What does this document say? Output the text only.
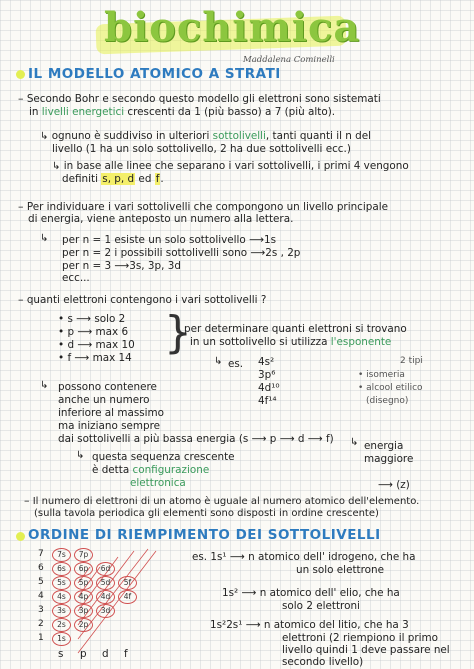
biochimica
Maddalena Cominelli
IL MODELLO ATOMICO A STRATI
– Secondo Bohr e secondo questo modello gli elettroni sono sistemati
in livelli energetici crescenti da 1 (più basso) a 7 (più alto).
↳ ognuno è suddiviso in ulteriori sottolivelli, tanti quanti il n del
livello (1 ha un solo sottolivello, 2 ha due sottolivelli ecc.)
↳ in base alle linee che separano i vari sottolivelli, i primi 4 vengono
definiti s, p, d ed f.
– Per individuare i vari sottolivelli che compongono un livello principale
di energia, viene anteposto un numero alla lettera.
↳ per n = 1 esiste un solo sottolivello ⟶1s
per n = 2 i possibili sottolivelli sono ⟶2s , 2p
per n = 3 ⟶3s, 3p, 3d
ecc...
– quanti elettroni contengono i vari sottolivelli ?
• s ⟶ solo 2
• p ⟶ max 6
• d ⟶ max 10
• f ⟶ max 14 }
per determinare quanti elettroni si trovano
in un sottolivello si utilizza l'esponente
↳ es. 4s²
3p⁶
4d¹⁰
4f¹⁴
2 tipi
• isomeria
• alcool etilico
(disegno)
↳ possono contenere
anche un numero
inferiore al massimo
ma iniziano sempre
dai sottolivelli a più bassa energia (s ⟶ p ⟶ d ⟶ f) ↳ energia
maggiore
↳ questa sequenza crescente
è detta configurazione
elettronica	⟶ (z)
– Il numero di elettroni di un atomo è uguale al numero atomico dell'elemento.
(sulla tavola periodica gli elementi sono disposti in ordine crescente)
ORDINE DI RIEMPIMENTO DEI SOTTOLIVELLI
7
6
5
4
3
2
1
7s	7p
6s	6p	6d
5s	5p	5d	5f
4s	4p	4d	4f
3s	3p	3d
2s	2p
1s
s p d f
es. 1s¹ ⟶ n atomico dell' idrogeno, che ha
un solo elettrone
1s² ⟶ n atomico dell' elio, che ha
solo 2 elettroni
1s²2s¹ ⟶ n atomico del litio, che ha 3
elettroni (2 riempiono il primo
livello quindi 1 deve passare nel
secondo livello)
